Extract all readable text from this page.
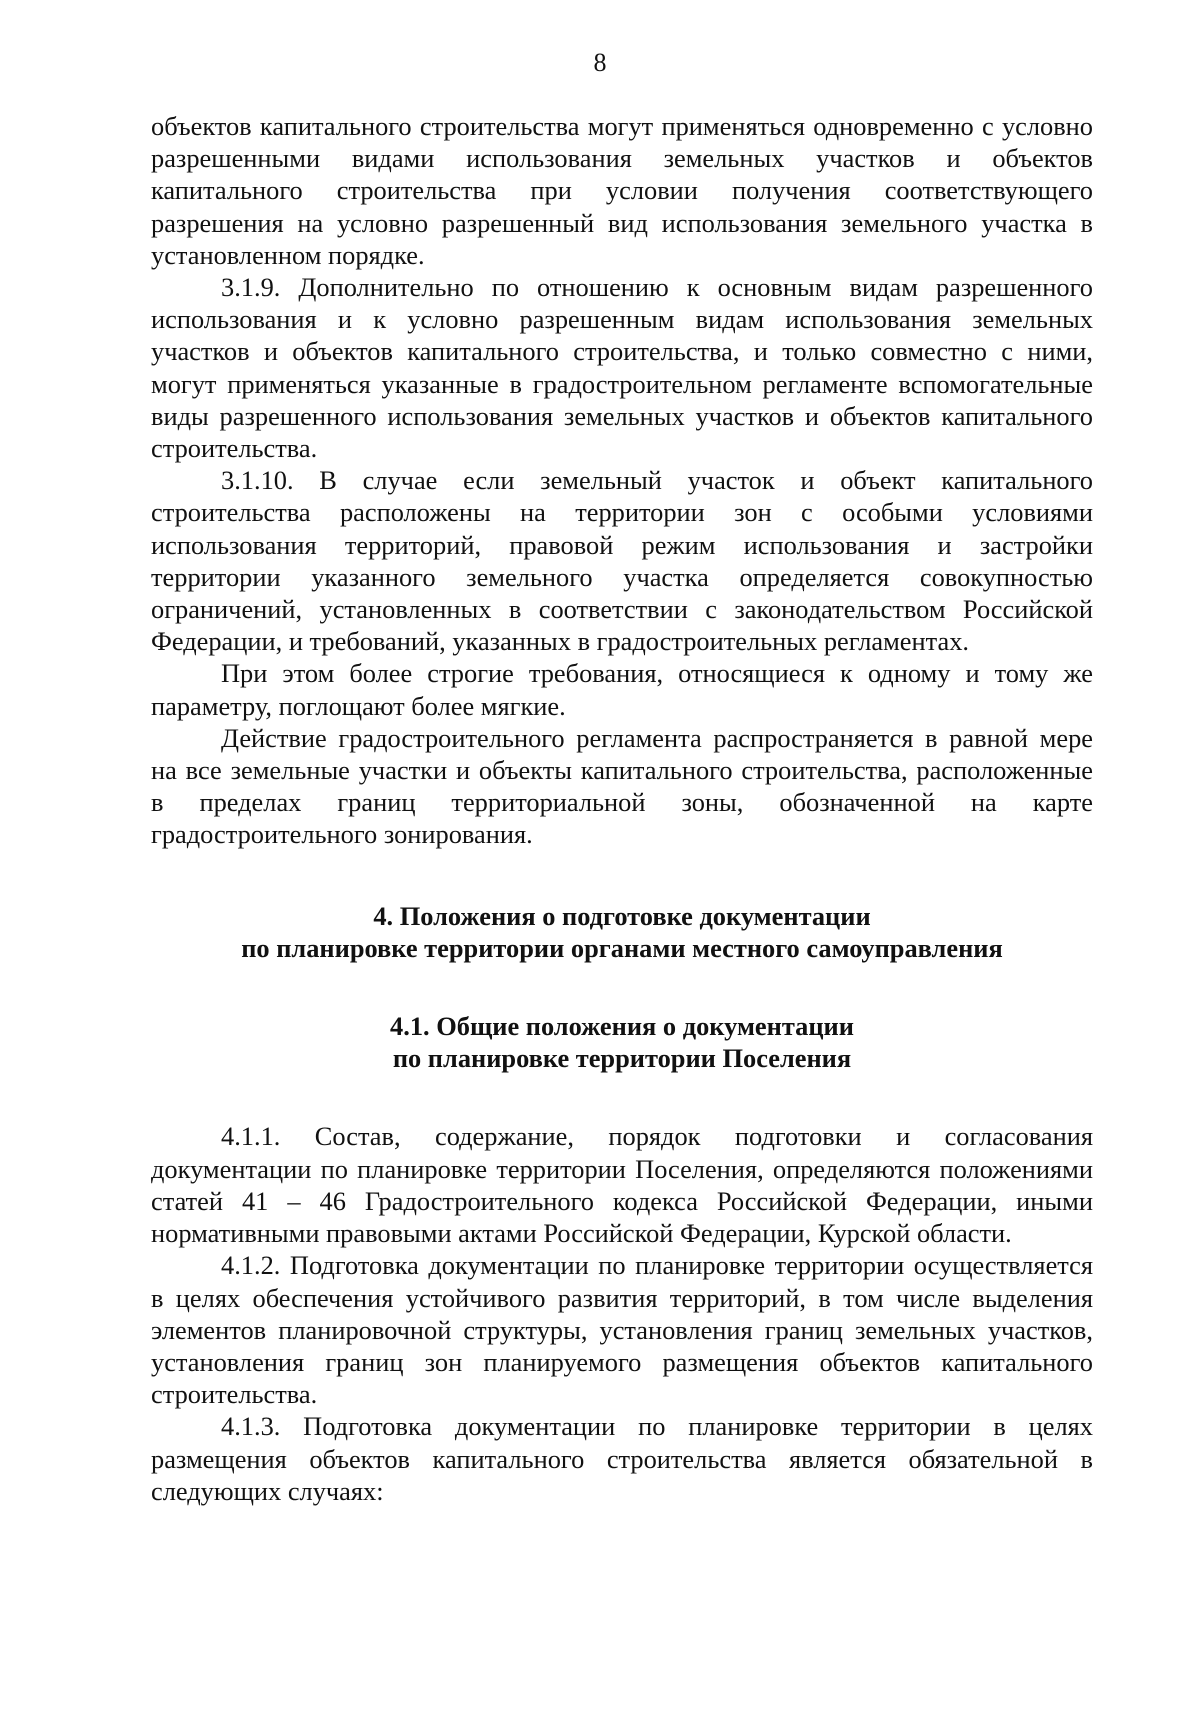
8

объектов капитального строительства могут применяться одновременно с условно разрешенными видами использования земельных участков и объектов капитального строительства при условии получения соответствующего разрешения на условно разрешенный вид использования земельного участка в установленном порядке.

3.1.9. Дополнительно по отношению к основным видам разрешенного использования и к условно разрешенным видам использования земельных участков и объектов капитального строительства, и только совместно с ними, могут применяться указанные в градостроительном регламенте вспомогательные виды разрешенного использования земельных участков и объектов капитального строительства.

3.1.10. В случае если земельный участок и объект капитального строительства расположены на территории зон с особыми условиями использования территорий, правовой режим использования и застройки территории указанного земельного участка определяется совокупностью ограничений, установленных в соответствии с законодательством Российской Федерации, и требований, указанных в градостроительных регламентах.

При этом более строгие требования, относящиеся к одному и тому же параметру, поглощают более мягкие.

Действие градостроительного регламента распространяется в равной мере на все земельные участки и объекты капитального строительства, расположенные в пределах границ территориальной зоны, обозначенной на карте градостроительного зонирования.

4. Положения о подготовке документации

по планировке территории органами местного самоуправления

4.1. Общие положения о документации

по планировке территории Поселения

4.1.1. Состав, содержание, порядок подготовки и согласования документации по планировке территории Поселения, определяются положениями статей 41 – 46 Градостроительного кодекса Российской Федерации, иными нормативными правовыми актами Российской Федерации, Курской области.

4.1.2. Подготовка документации по планировке территории осуществляется в целях обеспечения устойчивого развития территорий, в том числе выделения элементов планировочной структуры, установления границ земельных участков, установления границ зон планируемого размещения объектов капитального строительства.

4.1.3. Подготовка документации по планировке территории в целях размещения объектов капитального строительства является обязательной в следующих случаях:
